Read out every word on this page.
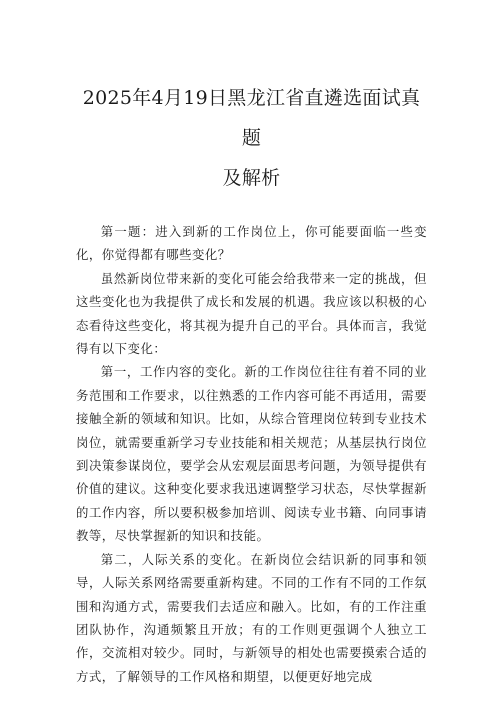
2025年4月19日黑龙江省直遴选面试真题
及解析

第一题：进入到新的工作岗位上，你可能要面临一些变化，你觉得都有哪些变化？

虽然新岗位带来新的变化可能会给我带来一定的挑战，但这些变化也为我提供了成长和发展的机遇。我应该以积极的心态看待这些变化，将其视为提升自己的平台。具体而言，我觉得有以下变化：

第一，工作内容的变化。新的工作岗位往往有着不同的业务范围和工作要求，以往熟悉的工作内容可能不再适用，需要接触全新的领域和知识。比如，从综合管理岗位转到专业技术岗位，就需要重新学习专业技能和相关规范；从基层执行岗位到决策参谋岗位，要学会从宏观层面思考问题，为领导提供有价值的建议。这种变化要求我迅速调整学习状态，尽快掌握新的工作内容，所以要积极参加培训、阅读专业书籍、向同事请教等，尽快掌握新的知识和技能。

第二，人际关系的变化。在新岗位会结识新的同事和领导，人际关系网络需要重新构建。不同的工作有不同的工作氛围和沟通方式，需要我们去适应和融入。比如，有的工作注重团队协作，沟通频繁且开放；有的工作则更强调个人独立工作，交流相对较少。同时，与新领导的相处也需要摸索合适的方式，了解领导的工作风格和期望，以便更好地完成
